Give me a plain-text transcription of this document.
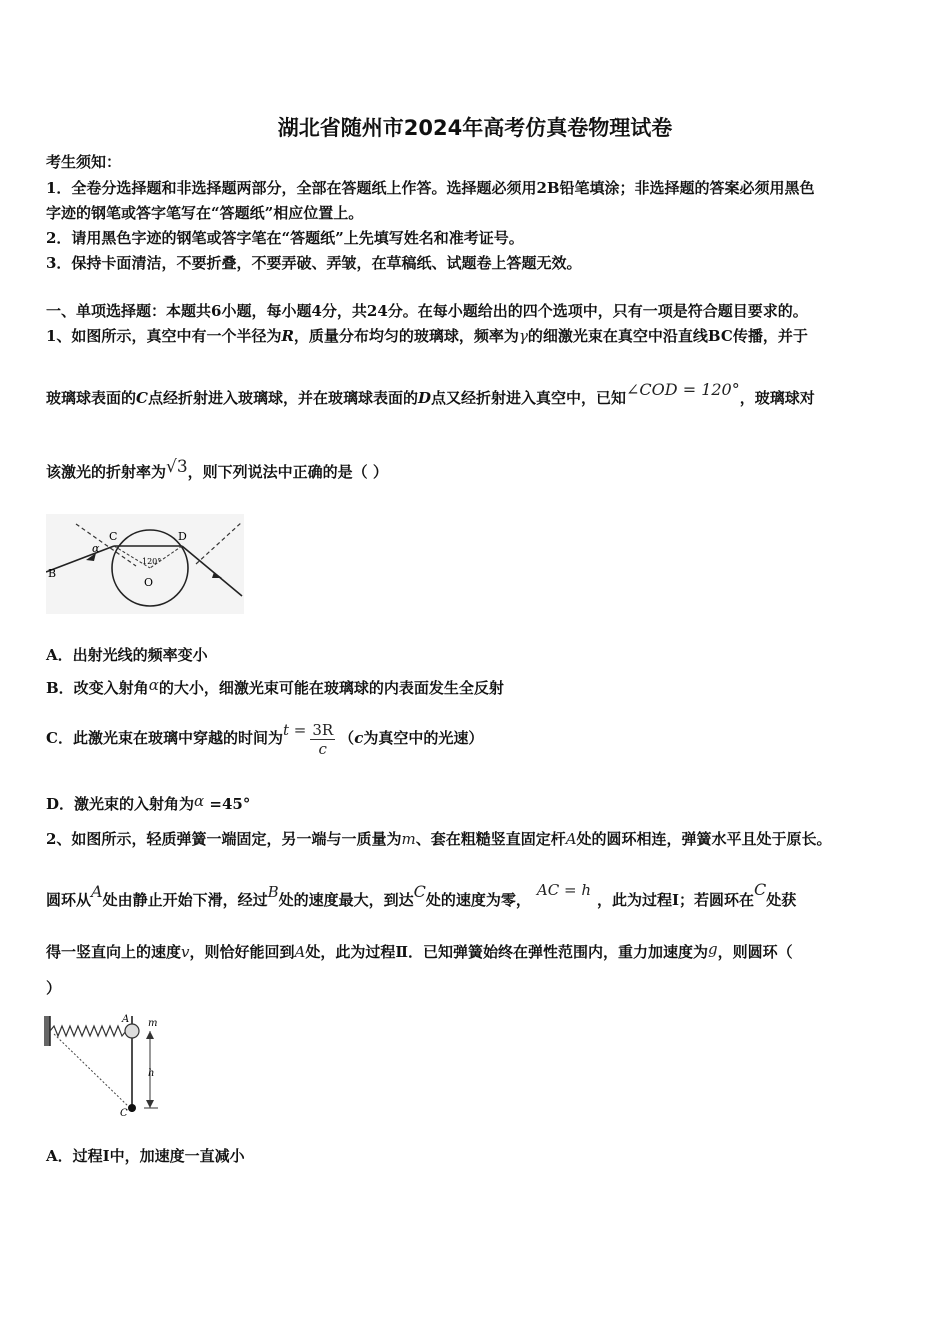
湖北省随州市2024年高考仿真卷物理试卷
考生须知：
1．全卷分选择题和非选择题两部分，全部在答题纸上作答。选择题必须用2B铅笔填涂；非选择题的答案必须用黑色
字迹的钢笔或答字笔写在“答题纸”相应位置上。
2．请用黑色字迹的钢笔或答字笔在“答题纸”上先填写姓名和准考证号。
3．保持卡面清洁，不要折叠，不要弄破、弄皱，在草稿纸、试题卷上答题无效。
一、单项选择题：本题共6小题，每小题4分，共24分。在每小题给出的四个选项中，只有一项是符合题目要求的。
1、如图所示，真空中有一个半径为R，质量分布均匀的玻璃球，频率为γ的细激光束在真空中沿直线BC传播，并于
玻璃球表面的C点经折射进入玻璃球，并在玻璃球表面的D点又经折射进入真空中，已知∠COD = 120°，玻璃球对
该激光的折射率为√3，则下列说法中正确的是（ ）
B
C	D
O
α
120°
A．出射光线的频率变小
B．改变入射角α的大小，细激光束可能在玻璃球的内表面发生全反射
C．此激光束在玻璃中穿越的时间为$t = \frac{3R}{c} (c$为真空中的光速）
D．激光束的入射角为α =45°
2、如图所示，轻质弹簧一端固定，另一端与一质量为m、套在粗糙竖直固定杆A处的圆环相连，弹簧水平且处于原长。
圆环从A处由静止开始下滑，经过B处的速度最大，到达C处的速度为零，AC = h，此为过程Ⅰ；若圆环在C处获
得一竖直向上的速度v，则恰好能回到A处，此为过程Ⅱ．已知弹簧始终在弹性范围内，重力加速度为g，则圆环（
）
A m
h
C
A．过程Ⅰ中，加速度一直减小
